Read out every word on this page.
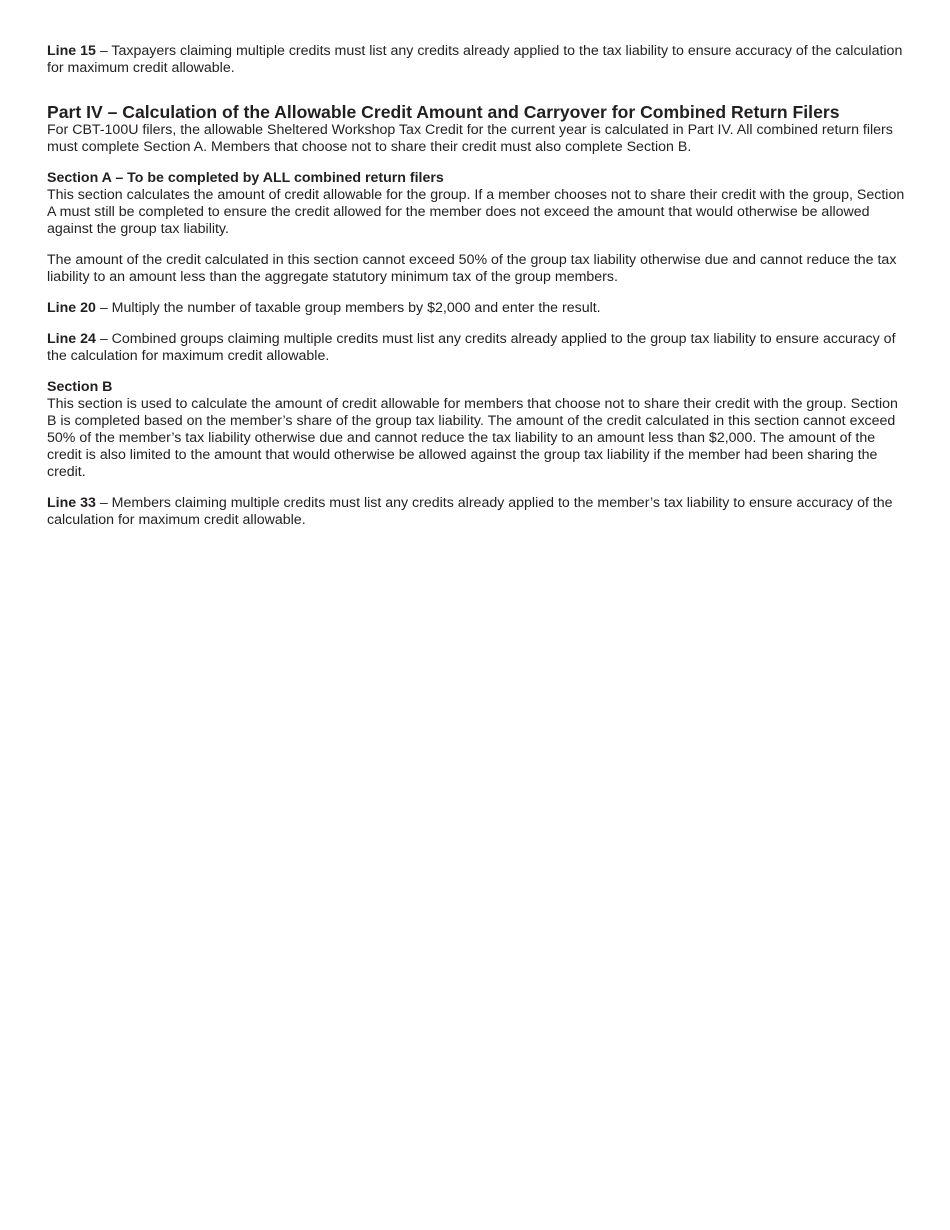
Line 15 – Taxpayers claiming multiple credits must list any credits already applied to the tax liability to ensure accuracy of the calculation for maximum credit allowable.

Part IV – Calculation of the Allowable Credit Amount and Carryover for Combined Return Filers

For CBT-100U filers, the allowable Sheltered Workshop Tax Credit for the current year is calculated in Part IV. All combined return filers must complete Section A. Members that choose not to share their credit must also complete Section B.

Section A – To be completed by ALL combined return filers

This section calculates the amount of credit allowable for the group. If a member chooses not to share their credit with the group, Section A must still be completed to ensure the credit allowed for the member does not exceed the amount that would otherwise be allowed against the group tax liability.

The amount of the credit calculated in this section cannot exceed 50% of the group tax liability otherwise due and cannot reduce the tax liability to an amount less than the aggregate statutory minimum tax of the group members.

Line 20 – Multiply the number of taxable group members by $2,000 and enter the result.

Line 24 – Combined groups claiming multiple credits must list any credits already applied to the group tax liability to ensure accuracy of the calculation for maximum credit allowable.

Section B

This section is used to calculate the amount of credit allowable for members that choose not to share their credit with the group. Section B is completed based on the member’s share of the group tax liability. The amount of the credit calculated in this section cannot exceed 50% of the member’s tax liability otherwise due and cannot reduce the tax liability to an amount less than $2,000. The amount of the credit is also limited to the amount that would otherwise be allowed against the group tax liability if the member had been sharing the credit.

Line 33 – Members claiming multiple credits must list any credits already applied to the member’s tax liability to ensure accuracy of the calculation for maximum credit allowable.
